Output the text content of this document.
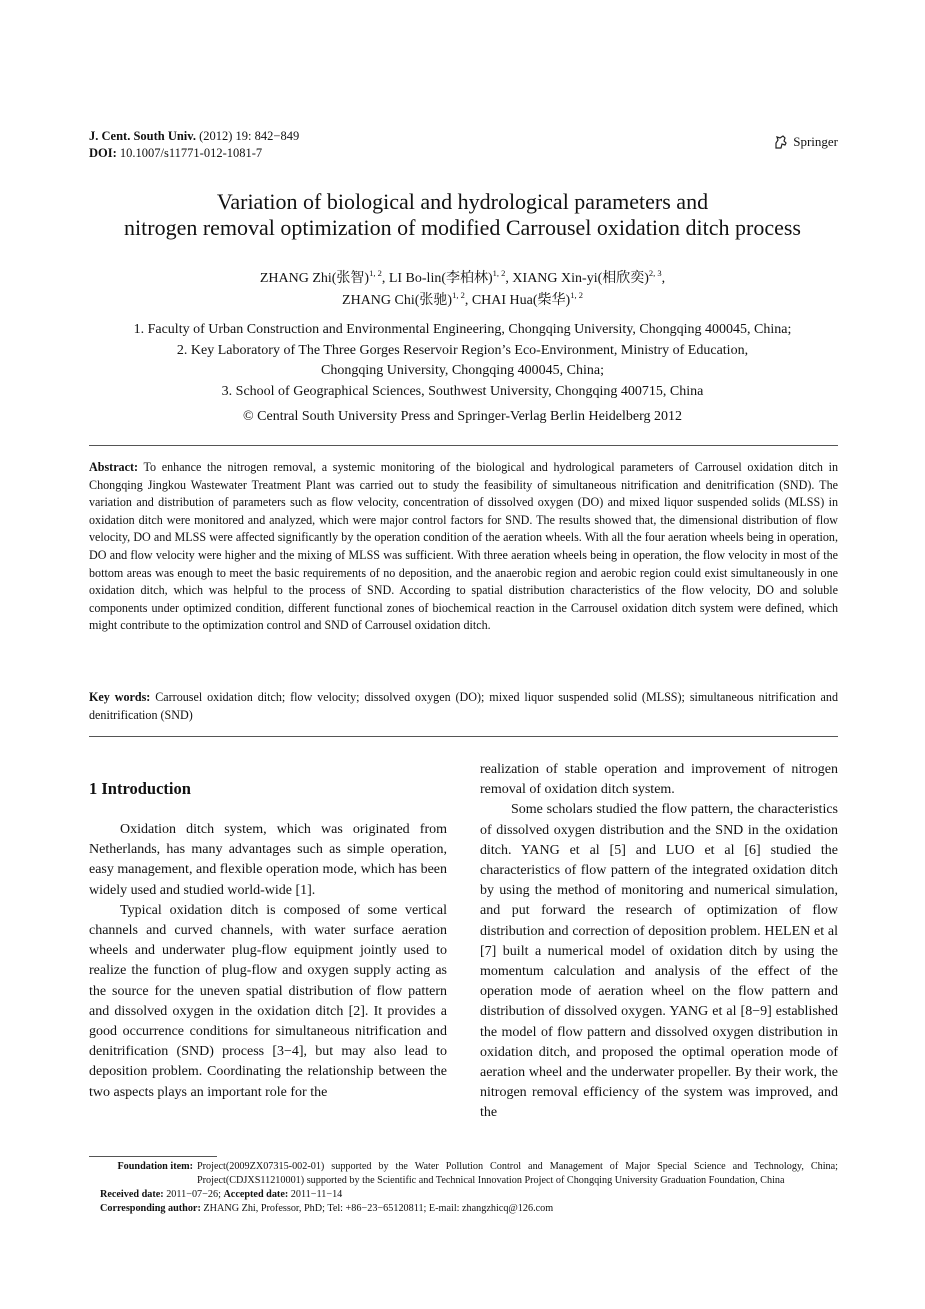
J. Cent. South Univ. (2012) 19: 842−849
DOI: 10.1007/s11771-012-1081-7
Springer
Variation of biological and hydrological parameters and
nitrogen removal optimization of modified Carrousel oxidation ditch process
ZHANG Zhi(张智)$^{1, 2}$, LI Bo-lin(李柏林)$^{1, 2}$, XIANG Xin-yi(相欣奕)$^{2, 3}$,
ZHANG Chi(张驰)$^{1, 2}$, CHAI Hua(柴华)$^{1, 2}$
1. Faculty of Urban Construction and Environmental Engineering, Chongqing University, Chongqing 400045, China;
2. Key Laboratory of The Three Gorges Reservoir Region’s Eco-Environment, Ministry of Education,
Chongqing University, Chongqing 400045, China;
3. School of Geographical Sciences, Southwest University, Chongqing 400715, China
© Central South University Press and Springer-Verlag Berlin Heidelberg 2012
Abstract: To enhance the nitrogen removal, a systemic monitoring of the biological and hydrological parameters of Carrousel oxidation ditch in Chongqing Jingkou Wastewater Treatment Plant was carried out to study the feasibility of simultaneous nitrification and denitrification (SND). The variation and distribution of parameters such as flow velocity, concentration of dissolved oxygen (DO) and mixed liquor suspended solids (MLSS) in oxidation ditch were monitored and analyzed, which were major control factors for SND. The results showed that, the dimensional distribution of flow velocity, DO and MLSS were affected significantly by the operation condition of the aeration wheels. With all the four aeration wheels being in operation, DO and flow velocity were higher and the mixing of MLSS was sufficient. With three aeration wheels being in operation, the flow velocity in most of the bottom areas was enough to meet the basic requirements of no deposition, and the anaerobic region and aerobic region could exist simultaneously in one oxidation ditch, which was helpful to the process of SND. According to spatial distribution characteristics of the flow velocity, DO and soluble components under optimized condition, different functional zones of biochemical reaction in the Carrousel oxidation ditch system were defined, which might contribute to the optimization control and SND of Carrousel oxidation ditch.
Key words: Carrousel oxidation ditch; flow velocity; dissolved oxygen (DO); mixed liquor suspended solid (MLSS); simultaneous nitrification and denitrification (SND)
1 Introduction

Oxidation ditch system, which was originated from Netherlands, has many advantages such as simple operation, easy management, and flexible operation mode, which has been widely used and studied world-wide [1].

Typical oxidation ditch is composed of some vertical channels and curved channels, with water surface aeration wheels and underwater plug-flow equipment jointly used to realize the function of plug-flow and oxygen supply acting as the source for the uneven spatial distribution of flow pattern and dissolved oxygen in the oxidation ditch [2]. It provides a good occurrence conditions for simultaneous nitrification and denitrification (SND) process [3−4], but may also lead to deposition problem. Coordinating the relationship between the two aspects plays an important role for the

realization of stable operation and improvement of nitrogen removal of oxidation ditch system.

Some scholars studied the flow pattern, the characteristics of dissolved oxygen distribution and the SND in the oxidation ditch. YANG et al [5] and LUO et al [6] studied the characteristics of flow pattern of the integrated oxidation ditch by using the method of monitoring and numerical simulation, and put forward the research of optimization of flow distribution and correction of deposition problem. HELEN et al [7] built a numerical model of oxidation ditch by using the momentum calculation and analysis of the effect of the operation mode of aeration wheel on the flow pattern and distribution of dissolved oxygen. YANG et al [8−9] established the model of flow pattern and dissolved oxygen distribution in oxidation ditch, and proposed the optimal operation mode of aeration wheel and the underwater propeller. By their work, the nitrogen removal efficiency of the system was improved, and the

Foundation item: Project(2009ZX07315-002-01) supported by the Water Pollution Control and Management of Major Special Science and Technology, China; Project(CDJXS11210001) supported by the Scientific and Technical Innovation Project of Chongqing University Graduation Foundation, China
Received date: 2011−07−26; Accepted date: 2011−11−14
Corresponding author: ZHANG Zhi, Professor, PhD; Tel: +86−23−65120811; E-mail: zhangzhicq@126.com
